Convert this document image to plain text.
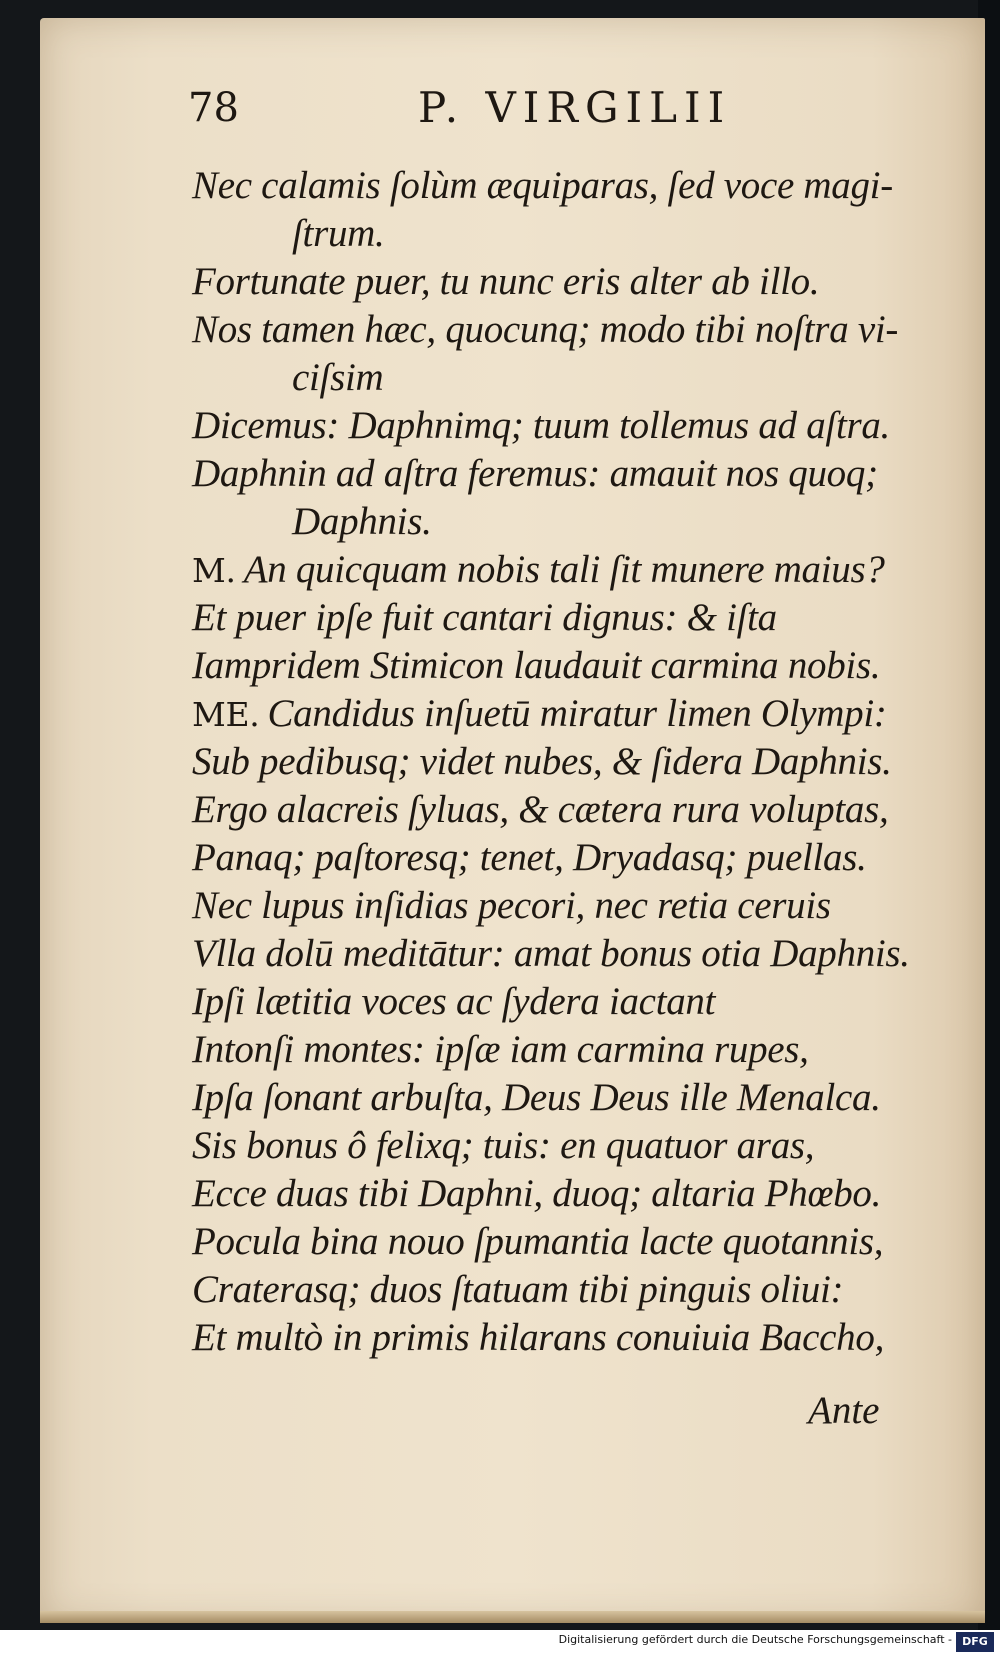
78	P. VIRGILII
Nec calamis ſolùm æquiparas, ſed voce magi-
ſtrum.
Fortunate puer, tu nunc eris alter ab illo.
Nos tamen hæc, quocunq; modo tibi noſtra vi-
ciſsim
Dicemus: Daphnimq; tuum tollemus ad aſtra.
Daphnin ad aſtra feremus: amauit nos quoq;
Daphnis.
M. An quicquam nobis tali ſit munere maius?
Et puer ipſe fuit cantari dignus: & iſta
Iampridem Stimicon laudauit carmina nobis.
ME. Candidus inſuetū miratur limen Olympi:
Sub pedibusq; videt nubes, & ſidera Daphnis.
Ergo alacreis ſyluas, & cætera rura voluptas,
Panaq; paſtoresq; tenet, Dryadasq; puellas.
Nec lupus inſidias pecori, nec retia ceruis
Vlla dolū meditātur: amat bonus otia Daphnis.
Ipſi lætitia voces ac ſydera iactant
Intonſi montes: ipſæ iam carmina rupes,
Ipſa ſonant arbuſta, Deus Deus ille Menalca.
Sis bonus ô felixq; tuis: en quatuor aras,
Ecce duas tibi Daphni, duoq; altaria Phœbo.
Pocula bina nouo ſpumantia lacte quotannis,
Craterasq; duos ſtatuam tibi pinguis oliui:
Et multò in primis hilarans conuiuia Baccho,
Ante
Digitalisierung gefördert durch die Deutsche Forschungsgemeinschaft - DFG
